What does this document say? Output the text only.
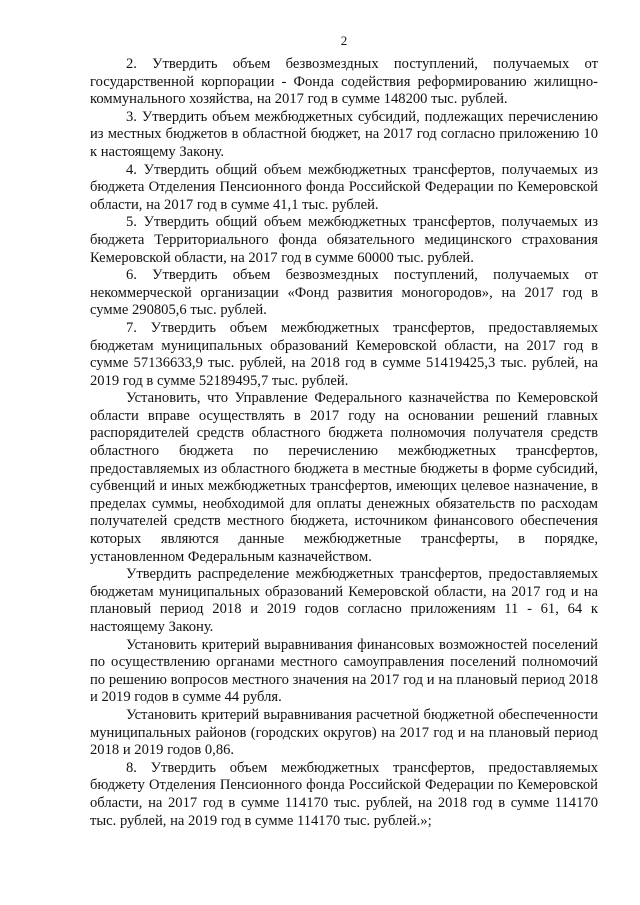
2

2. Утвердить объем безвозмездных поступлений, получаемых от государственной корпорации - Фонда содействия реформированию жилищно-коммунального хозяйства, на 2017 год в сумме 148200 тыс. рублей.

3. Утвердить объем межбюджетных субсидий, подлежащих перечислению из местных бюджетов в областной бюджет, на 2017 год согласно приложению 10 к настоящему Закону.

4. Утвердить общий объем межбюджетных трансфертов, получаемых из бюджета Отделения Пенсионного фонда Российской Федерации по Кемеровской области, на 2017 год в сумме 41,1 тыс. рублей.

5. Утвердить общий объем межбюджетных трансфертов, получаемых из бюджета Территориального фонда обязательного медицинского страхования Кемеровской области, на 2017 год в сумме 60000 тыс. рублей.

6. Утвердить объем безвозмездных поступлений, получаемых от некоммерческой организации «Фонд развития моногородов», на 2017 год в сумме 290805,6 тыс. рублей.

7. Утвердить объем межбюджетных трансфертов, предоставляемых бюджетам муниципальных образований Кемеровской области, на 2017 год в сумме 57136633,9 тыс. рублей, на 2018 год в сумме 51419425,3 тыс. рублей, на 2019 год в сумме 52189495,7 тыс. рублей.

Установить, что Управление Федерального казначейства по Кемеровской области вправе осуществлять в 2017 году на основании решений главных распорядителей средств областного бюджета полномочия получателя средств областного бюджета по перечислению межбюджетных трансфертов, предоставляемых из областного бюджета в местные бюджеты в форме субсидий, субвенций и иных межбюджетных трансфертов, имеющих целевое назначение, в пределах суммы, необходимой для оплаты денежных обязательств по расходам получателей средств местного бюджета, источником финансового обеспечения которых являются данные межбюджетные трансферты, в порядке, установленном Федеральным казначейством.

Утвердить распределение межбюджетных трансфертов, предоставляемых бюджетам муниципальных образований Кемеровской области, на 2017 год и на плановый период 2018 и 2019 годов согласно приложениям 11 - 61, 64 к настоящему Закону.

Установить критерий выравнивания финансовых возможностей поселений по осуществлению органами местного самоуправления поселений полномочий по решению вопросов местного значения на 2017 год и на плановый период 2018 и 2019 годов в сумме 44 рубля.

Установить критерий выравнивания расчетной бюджетной обеспеченности муниципальных районов (городских округов) на 2017 год и на плановый период 2018 и 2019 годов 0,86.

8. Утвердить объем межбюджетных трансфертов, предоставляемых бюджету Отделения Пенсионного фонда Российской Федерации по Кемеровской области, на 2017 год в сумме 114170 тыс. рублей, на 2018 год в сумме 114170 тыс. рублей, на 2019 год в сумме 114170 тыс. рублей.»;
